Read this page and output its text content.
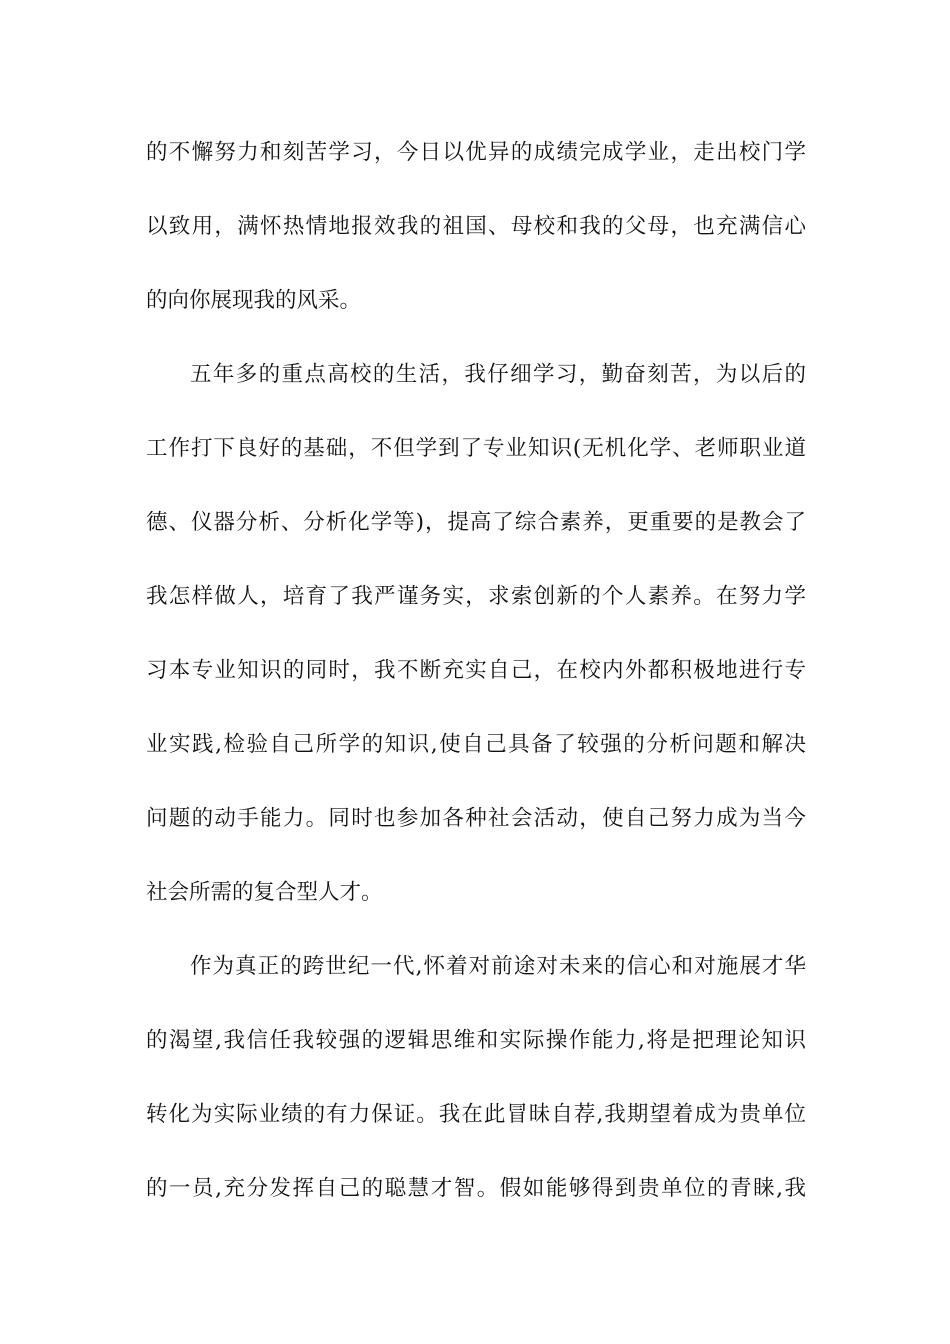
的不懈努力和刻苦学习，今日以优异的成绩完成学业，走出校门学
以致用，满怀热情地报效我的祖国、母校和我的父母，也充满信心
的向你展现我的风采。
五年多的重点高校的生活，我仔细学习，勤奋刻苦，为以后的
工作打下良好的基础，不但学到了专业知识(无机化学、老师职业道
德、仪器分析、分析化学等)，提高了综合素养，更重要的是教会了
我怎样做人，培育了我严谨务实，求索创新的个人素养。在努力学
习本专业知识的同时，我不断充实自己，在校内外都积极地进行专
业实践,检验自己所学的知识,使自己具备了较强的分析问题和解决
问题的动手能力。同时也参加各种社会活动，使自己努力成为当今
社会所需的复合型人才。
作为真正的跨世纪一代,怀着对前途对未来的信心和对施展才华
的渴望,我信任我较强的逻辑思维和实际操作能力,将是把理论知识
转化为实际业绩的有力保证。我在此冒昧自荐,我期望着成为贵单位
的一员,充分发挥自己的聪慧才智。假如能够得到贵单位的青睐,我
